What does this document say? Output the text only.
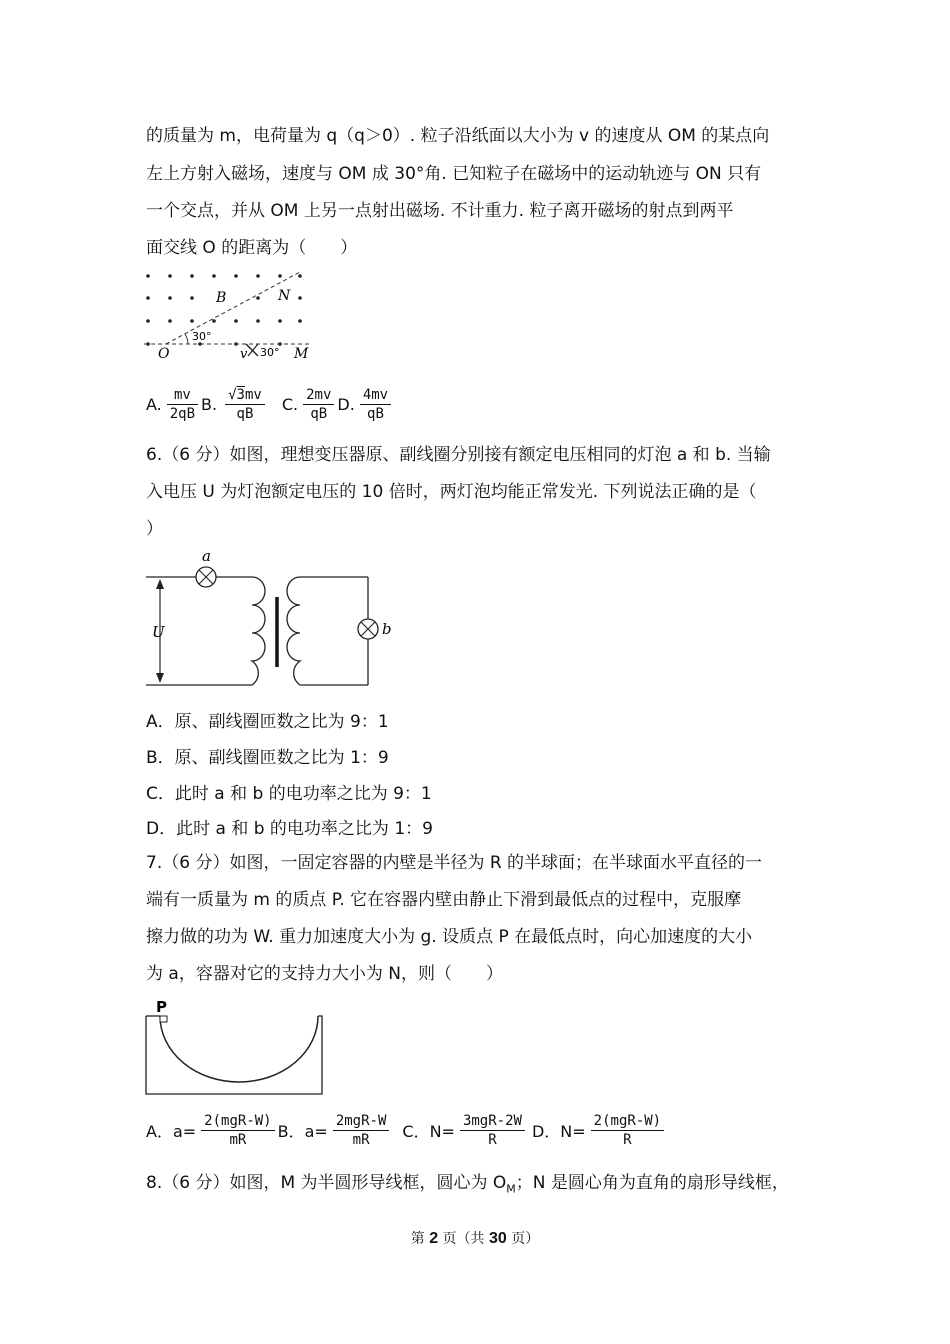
的质量为 m，电荷量为 q（q＞0）. 粒子沿纸面以大小为 v 的速度从 OM 的某点向
左上方射入磁场，速度与 OM 成 30°角. 已知粒子在磁场中的运动轨迹与 ON 只有
一个交点，并从 OM 上另一点射出磁场. 不计重力. 粒子离开磁场的射点到两平
面交线 O 的距离为（　　）
B	N
O	M
v
30°
30°
A. $\frac{mv}{2qB} B$. $\frac{√3mv}{qB} C$. $\frac{2mv}{qB} D$. $\frac{4mv}{qB}$
6.（6 分）如图，理想变压器原、副线圈分别接有额定电压相同的灯泡 a 和 b. 当输
入电压 U 为灯泡额定电压的 10 倍时，两灯泡均能正常发光. 下列说法正确的是（
）
a
b
U
A．原、副线圈匝数之比为 9：1
B．原、副线圈匝数之比为 1：9
C．此时 a 和 b 的电功率之比为 9：1
D．此时 a 和 b 的电功率之比为 1：9
7.（6 分）如图，一固定容器的内壁是半径为 R 的半球面；在半球面水平直径的一
端有一质量为 m 的质点 P. 它在容器内壁由静止下滑到最低点的过程中，克服摩
擦力做的功为 W. 重力加速度大小为 g. 设质点 P 在最低点时，向心加速度的大小
为 a，容器对它的支持力大小为 N，则（　　）
P
A．$a= \frac{\text{2(mgR-W)}}{mR}$ B．$a= \frac{\text{2mgR-W}}{mR}$ C．$N= \frac{\text{3mgR-2W}}{R}$ D．$N= \frac{\text{2(mgR-W)}}{R}$
8.（6 分）如图，M 为半圆形导线框，圆心为 $O_M$；N 是圆心角为直角的扇形导线框，
第 2 页（共 30 页）
